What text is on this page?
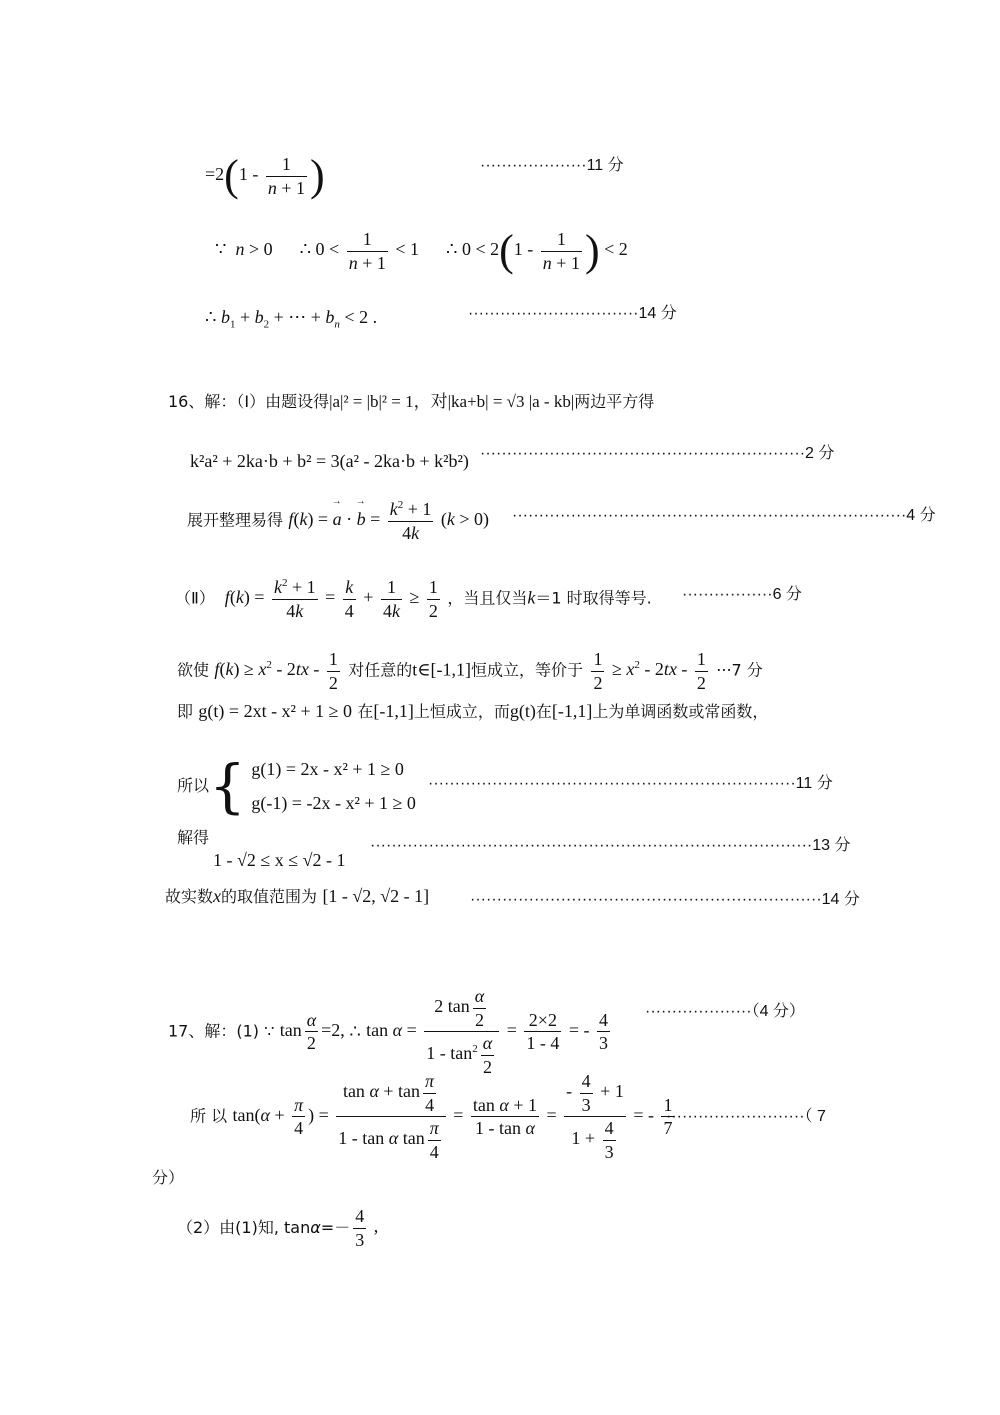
$=2(1 - \frac{1}{n + 1}$ )	····················11 分
∵  n > 0      ∴ $0 < \frac{1}{n + 1} < 1$      ∴ $0 < 2(1 - \frac{1}{n + 1}$ ) < 2
∴ $b_1 + b_2$ + ⋯ + $b_n < 2$ .	································14 分
16、解：（Ⅰ）由题设得|a|² = |b|² = 1，对|ka+b| = √3 |a - kb|两边平方得
k²a² + 2ka·b + b² = 3(a² - 2ka·b + k²b²) ·····························································2 分
展开整理易得 f(k) = → a · → $b = \frac{k^2 + 1}{4k} (k > 0) \cdot\cdot\cdot\cdot\cdot\cdot\cdot\cdot\cdot\cdot\cdot\cdot\cdot\cdot\cdot\cdot\cdot\cdot\cdot\cdot\cdot\cdot\cdot\cdot\cdot\cdot\cdot\cdot\cdot\cdot\cdot\cdot\cdot\cdot\cdot\cdot\cdot\cdot\cdot\cdot\cdot\cdot\cdot\cdot\cdot\cdot\cdot\cdot\cdot\cdot\cdot\cdot\cdot\cdot\cdot\cdot\cdot\cdot\cdot\cdot\cdot\cdot\cdot\cdot\cdot\cdot\cdot\cdot\cdot\cdot\cdot\cdot\cdot\cdot 4$ 分
（Ⅱ） $f(k) = \frac{k^2 + 1}{4k} = \frac{k}{4} + \frac{1}{4k} \ge \frac{1}{2}$ ，当且仅当k＝1 时取得等号. ·················6 分
欲使 $f(k) \ge x^2 - 2tx - \frac{1}{2}$ 对任意的t∈[-1,1]恒成立，等价于 $\frac{1}{2} \ge x^2 - 2tx - \frac{1}{2} \cdot\cdot\cdot 7$ 分
即 g(t) = 2xt - x² + 1 ≥ 0 在[-1,1]上恒成立，而g(t)在[-1,1]上为单调函数或常函数，
所以{ g(1) = 2x - x² + 1 ≥ 0
g(-1) = -2x - x² + 1 ≥ 0
·····································································11 分
解得
1 - √2 ≤ x ≤ √2 - 1
···················································································13 分
故实数x的取值范围为 [1 - √2, √2 - 1]	··································································14 分
17、解：(1) ∵ $\tan \frac{\alpha}{2} =2$, ∴ $\tan \alpha = \frac{2 \tan \frac{\alpha}{2}}{1 - \tan^2 \frac{\alpha}{2}} = \frac{2\times 2}{1 - 4}$ = - $\frac{4}{3} \cdot\cdot\cdot\cdot\cdot\cdot\cdot\cdot\cdot\cdot\cdot\cdot\cdot\cdot\cdot\cdot\cdot\cdot\cdot\cdot(4$ 分）
所 以 $\tan(\alpha + \frac{\pi}{4}$ ) = $\frac{\tan \alpha + \tan \frac{\pi}{4}}{1 - \tan \alpha \tan \frac{\pi}{4}} = \frac{\text{tan α + 1}}{\text{1 - tan α}} = \frac{- \frac{4}{3} + 1}{1 + \frac{4}{3}}$ = - $\frac{1}{7}$
··························（ 7
分）
（2）由(1)知, $\tan\alpha=- \frac{4}{3}$ ,
